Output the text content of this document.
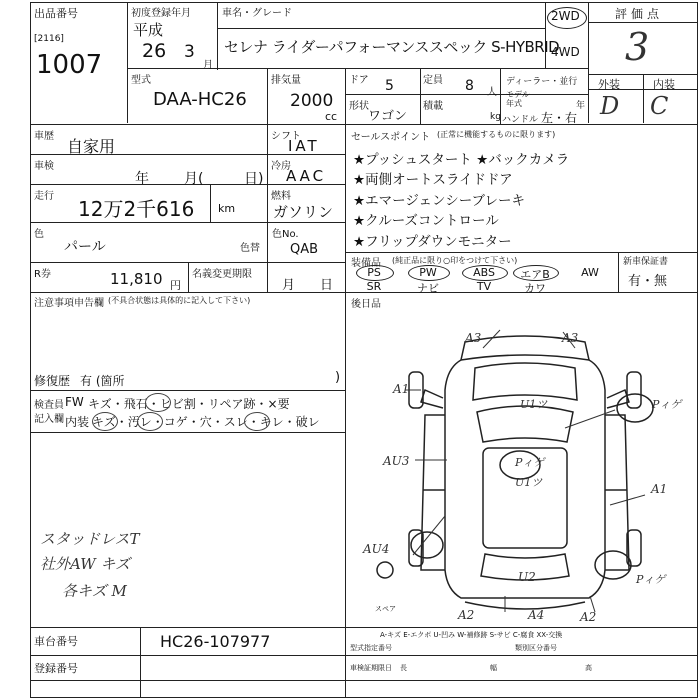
出品番号
[2116]
1007
初度登録年月
平成
26 3
月
車名・グレード
セレナ ライダーパフォーマンススペック S-HYBRID
2WD
4WD
評価点
3
外装	内装
D C
型式
DAA-HC26
排気量
2000
cc
ドア 5	定員 8 人
形状
ワゴン
積載
kg
ディーラー・並行
モデル年式	年
ハンドル 左・右
車歴
自家用
車検
年	月(	日)
走行
12万2千616 km
色
パール	色替
色No.
QAB
R券	11,810 円
名義変更期限
月 日
シフト
IAT
冷房
AAC
燃料
ガソリン
セールスポイント (正常に機能するものに限ります)
★プッシュスタート ★バックカメラ
★両側オートスライドドア
★エマージェンシーブレーキ
★クルーズコントロール
★フリップダウンモニター
装備品 (純正品に限り○印をつけて下さい)	新車保証書
PS	PW	ABS	エアB	AW
SR	ナビ	TV	カワ	有・無
後日品
注意事項申告欄 (不具合状態は具体的に記入して下さい)
修復歴 有 (箇所	)
検査員
記入欄
FW キズ・飛石・ヒビ割・リペア跡・×要
内装 キズ・汚レ・コゲ・穴・スレ・キレ・破レ
スタッドレスT
社外AW キズ
各キズ M
A3	A3
A1
U1ツ	Pィゲ
AU3	Pィゲ
U1ツ	A1
AU4
U2	Pィゲ
A2	A4	A2
スペア
車台番号	HC26-107977
登録番号
A-キズ E-エクボ U-凹み W-補修跡 S-サビ C-腐食 XX-交換
型式指定番号	類別区分番号
車検証期限日 長	幅	高
